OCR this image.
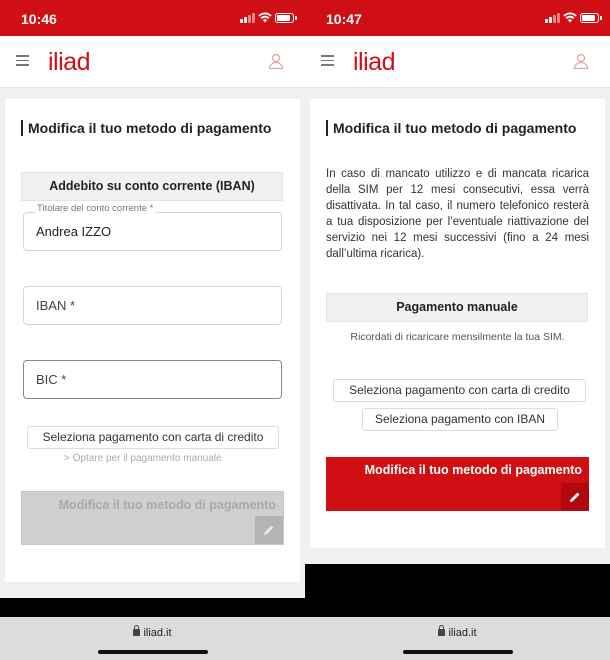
10:46
iliad
Modifica il tuo metodo di pagamento
Addebito su conto corrente (IBAN)
Andrea IZZO
Titolare del conto corrente *
IBAN *
BIC *
Seleziona pagamento con carta di credito
> Optare per il pagamento manuale
Modifica il tuo metodo di pagamento
iliad.it
10:47
iliad
Modifica il tuo metodo di pagamento

In caso di mancato utilizzo e di mancata ricarica della SIM per 12 mesi consecutivi, essa verrà disattivata. In tal caso, il numero telefonico resterà a tua disposizione per l’eventuale riattivazione del servizio nei 12 mesi successivi (fino a 24 mesi dall’ultima ricarica).

Pagamento manuale
Ricordati di ricaricare mensilmente la tua SIM.
Seleziona pagamento con carta di credito
Seleziona pagamento con IBAN
Modifica il tuo metodo di pagamento
iliad.it
